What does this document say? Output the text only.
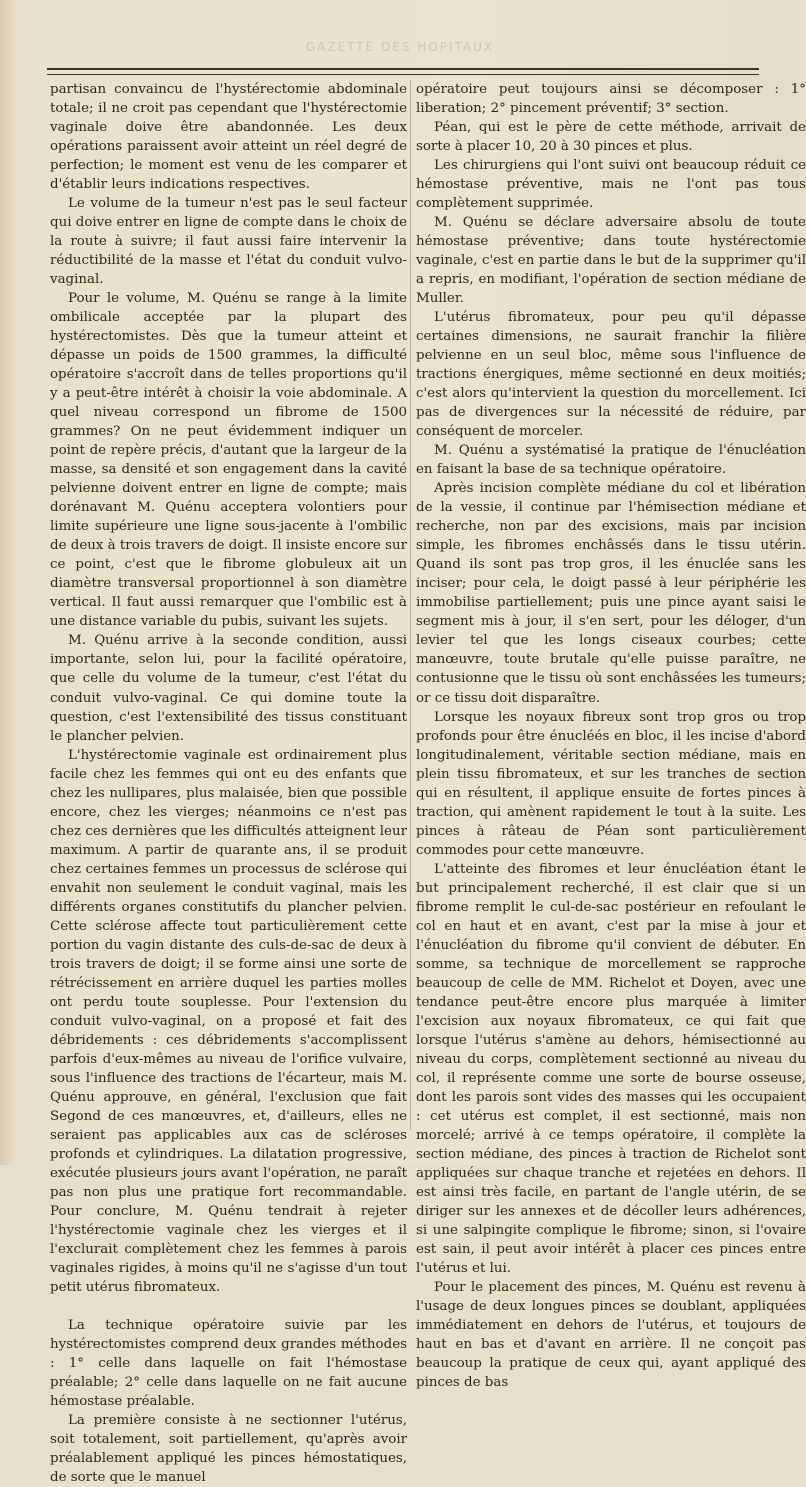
GAZETTE DES HOPITAUX

partisan convaincu de l'hystérectomie abdominale totale; il ne croit pas cependant que l'hystérectomie vaginale doive être abandonnée. Les deux opérations paraissent avoir atteint un réel degré de perfection; le moment est venu de les comparer et d'établir leurs indications respectives.

Le volume de la tumeur n'est pas le seul facteur qui doive entrer en ligne de compte dans le choix de la route à suivre; il faut aussi faire intervenir la réductibilité de la masse et l'état du conduit vulvo-vaginal.

Pour le volume, M. Quénu se range à la limite ombilicale acceptée par la plupart des hystérectomistes. Dès que la tumeur atteint et dépasse un poids de 1500 grammes, la difficulté opératoire s'accroît dans de telles proportions qu'il y a peut-être intérêt à choisir la voie abdominale. A quel niveau correspond un fibrome de 1500 grammes? On ne peut évidemment indiquer un point de repère précis, d'autant que la largeur de la masse, sa densité et son engagement dans la cavité pelvienne doivent entrer en ligne de compte; mais dorénavant M. Quénu acceptera volontiers pour limite supérieure une ligne sous-jacente à l'ombilic de deux à trois travers de doigt. Il insiste encore sur ce point, c'est que le fibrome globuleux ait un diamètre transversal proportionnel à son diamètre vertical. Il faut aussi remarquer que l'ombilic est à une distance variable du pubis, suivant les sujets.

M. Quénu arrive à la seconde condition, aussi importante, selon lui, pour la facilité opératoire, que celle du volume de la tumeur, c'est l'état du conduit vulvo-vaginal. Ce qui domine toute la question, c'est l'extensibilité des tissus constituant le plancher pelvien.

L'hystérectomie vaginale est ordinairement plus facile chez les femmes qui ont eu des enfants que chez les nullipares, plus malaisée, bien que possible encore, chez les vierges; néanmoins ce n'est pas chez ces dernières que les difficultés atteignent leur maximum. A partir de quarante ans, il se produit chez certaines femmes un processus de sclérose qui envahit non seulement le conduit vaginal, mais les différents organes constitutifs du plancher pelvien. Cette sclérose affecte tout particulièrement cette portion du vagin distante des culs-de-sac de deux à trois travers de doigt; il se forme ainsi une sorte de rétrécissement en arrière duquel les parties molles ont perdu toute souplesse. Pour l'extension du conduit vulvo-vaginal, on a proposé et fait des débridements : ces débridements s'accomplissent parfois d'eux-mêmes au niveau de l'orifice vulvaire, sous l'influence des tractions de l'écarteur, mais M. Quénu approuve, en général, l'exclusion que fait Segond de ces manœuvres, et, d'ailleurs, elles ne seraient pas applicables aux cas de scléroses profonds et cylindriques. La dilatation progressive, exécutée plusieurs jours avant l'opération, ne paraît pas non plus une pratique fort recommandable. Pour conclure, M. Quénu tendrait à rejeter l'hystérectomie vaginale chez les vierges et il l'exclurait complètement chez les femmes à parois vaginales rigides, à moins qu'il ne s'agisse d'un tout petit utérus fibromateux.

La technique opératoire suivie par les hystérectomistes comprend deux grandes méthodes : 1° celle dans laquelle on fait l'hémostase préalable; 2° celle dans laquelle on ne fait aucune hémostase préalable.

La première consiste à ne sectionner l'utérus, soit totalement, soit partiellement, qu'après avoir préalablement appliqué les pinces hémostatiques, de sorte que le manuel

opératoire peut toujours ainsi se décomposer : 1° liberation; 2° pincement préventif; 3° section.

Péan, qui est le père de cette méthode, arrivait de sorte à placer 10, 20 à 30 pinces et plus.

Les chirurgiens qui l'ont suivi ont beaucoup réduit ce hémostase préventive, mais ne l'ont pas tous complètement supprimée.

M. Quénu se déclare adversaire absolu de toute hémostase préventive; dans toute hystérectomie vaginale, c'est en partie dans le but de la supprimer qu'il a repris, en modifiant, l'opération de section médiane de Muller.

L'utérus fibromateux, pour peu qu'il dépasse certaines dimensions, ne saurait franchir la filière pelvienne en un seul bloc, même sous l'influence de tractions énergiques, même sectionné en deux moitiés; c'est alors qu'intervient la question du morcellement. Ici pas de divergences sur la nécessité de réduire, par conséquent de morceler.

M. Quénu a systématisé la pratique de l'énucléation en faisant la base de sa technique opératoire.

Après incision complète médiane du col et libération de la vessie, il continue par l'hémisection médiane et recherche, non par des excisions, mais par incision simple, les fibromes enchâssés dans le tissu utérin. Quand ils sont pas trop gros, il les énuclée sans les inciser; pour cela, le doigt passé à leur périphérie les immobilise partiellement; puis une pince ayant saisi le segment mis à jour, il s'en sert, pour les déloger, d'un levier tel que les longs ciseaux courbes; cette manœuvre, toute brutale qu'elle puisse paraître, ne contusionne que le tissu où sont enchâssées les tumeurs; or ce tissu doit disparaître.

Lorsque les noyaux fibreux sont trop gros ou trop profonds pour être énucléés en bloc, il les incise d'abord longitudinalement, véritable section médiane, mais en plein tissu fibromateux, et sur les tranches de section qui en résultent, il applique ensuite de fortes pinces à traction, qui amènent rapidement le tout à la suite. Les pinces à râteau de Péan sont particulièrement commodes pour cette manœuvre.

L'atteinte des fibromes et leur énucléation étant le but principalement recherché, il est clair que si un fibrome remplit le cul-de-sac postérieur en refoulant le col en haut et en avant, c'est par la mise à jour et l'énucléation du fibrome qu'il convient de débuter. En somme, sa technique de morcellement se rapproche beaucoup de celle de MM. Richelot et Doyen, avec une tendance peut-être encore plus marquée à limiter l'excision aux noyaux fibromateux, ce qui fait que lorsque l'utérus s'amène au dehors, hémisectionné au niveau du corps, complètement sectionné au niveau du col, il représente comme une sorte de bourse osseuse, dont les parois sont vides des masses qui les occupaient : cet utérus est complet, il est sectionné, mais non morcelé; arrivé à ce temps opératoire, il complète la section médiane, des pinces à traction de Richelot sont appliquées sur chaque tranche et rejetées en dehors. Il est ainsi très facile, en partant de l'angle utérin, de se diriger sur les annexes et de décoller leurs adhérences, si une salpingite complique le fibrome; sinon, si l'ovaire est sain, il peut avoir intérêt à placer ces pinces entre l'utérus et lui.

Pour le placement des pinces, M. Quénu est revenu à l'usage de deux longues pinces se doublant, appliquées immédiatement en dehors de l'utérus, et toujours de haut en bas et d'avant en arrière. Il ne conçoit pas beaucoup la pratique de ceux qui, ayant appliqué des pinces de bas
